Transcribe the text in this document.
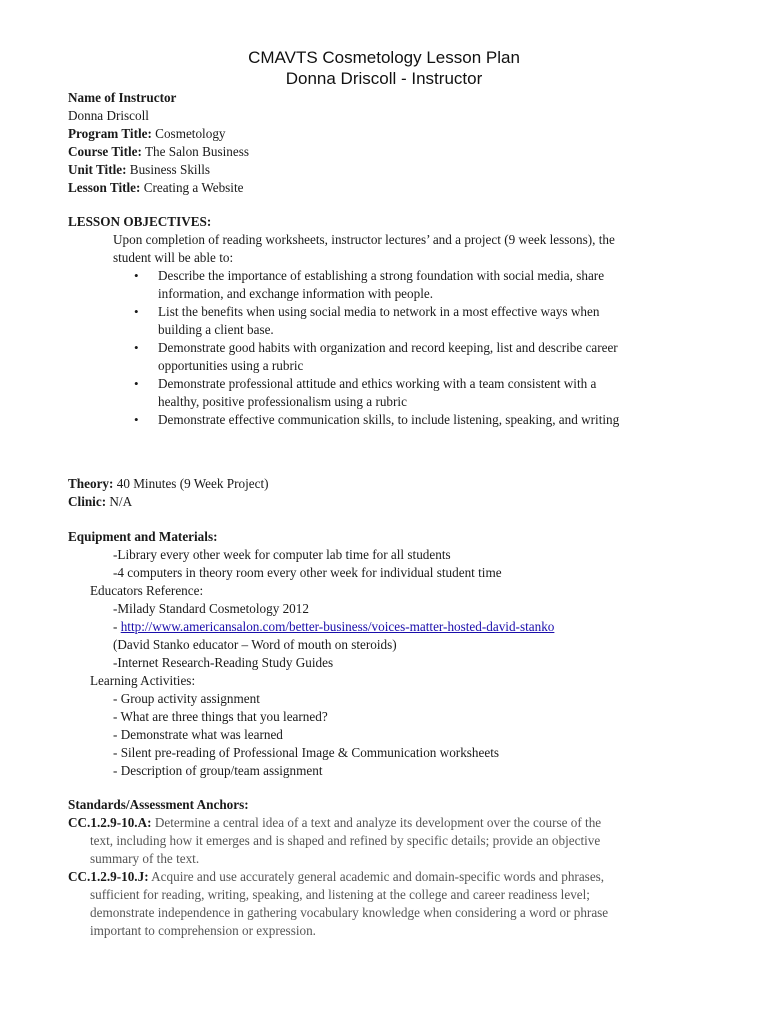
CMAVTS Cosmetology Lesson Plan
Donna Driscoll - Instructor
Name of Instructor
Donna Driscoll
Program Title: Cosmetology
Course Title: The Salon Business
Unit Title: Business Skills
Lesson Title: Creating a Website
LESSON OBJECTIVES:
Upon completion of reading worksheets, instructor lectures’ and a project (9 week lessons), the
student will be able to:
• Describe the importance of establishing a strong foundation with social media, share
information, and exchange information with people.
• List the benefits when using social media to network in a most effective ways when
building a client base.
• Demonstrate good habits with organization and record keeping, list and describe career
opportunities using a rubric
• Demonstrate professional attitude and ethics working with a team consistent with a
healthy, positive professionalism using a rubric
• Demonstrate effective communication skills, to include listening, speaking, and writing
Theory: 40 Minutes (9 Week Project)
Clinic: N/A
Equipment and Materials:
-Library every other week for computer lab time for all students
-4 computers in theory room every other week for individual student time
Educators Reference:
-Milady Standard Cosmetology 2012
- http://www.americansalon.com/better-business/voices-matter-hosted-david-stanko
(David Stanko educator – Word of mouth on steroids)
-Internet Research-Reading Study Guides
Learning Activities:
- Group activity assignment
- What are three things that you learned?
- Demonstrate what was learned
- Silent pre-reading of Professional Image & Communication worksheets
- Description of group/team assignment
Standards/Assessment Anchors:
CC.1.2.9-10.A: Determine a central idea of a text and analyze its development over the course of the
text, including how it emerges and is shaped and refined by specific details; provide an objective
summary of the text.
CC.1.2.9-10.J: Acquire and use accurately general academic and domain-specific words and phrases,
sufficient for reading, writing, speaking, and listening at the college and career readiness level;
demonstrate independence in gathering vocabulary knowledge when considering a word or phrase
important to comprehension or expression.
